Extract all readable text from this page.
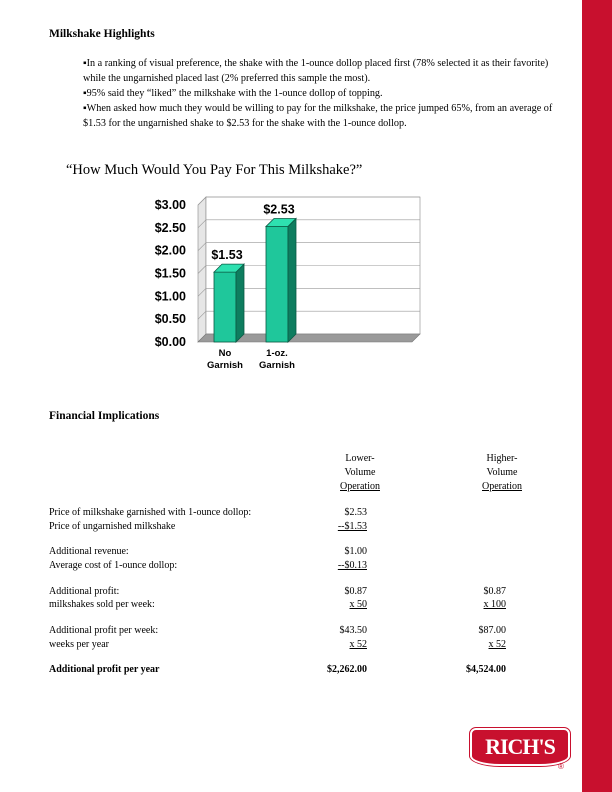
Milkshake Highlights
▪In a ranking of visual preference, the shake with the 1-ounce dollop placed first (78% selected it as their favorite) while the ungarnished placed last (2% preferred this sample the most).
▪95% said they “liked” the milkshake with the 1-ounce dollop of topping.
▪When asked how much they would be willing to pay for the milkshake, the price jumped 65%, from an average of $1.53 for the ungarnished shake to $2.53 for the shake with the 1-ounce dollop.

“How Much Would You Pay For This Milkshake?”

$3.00
$2.50
$2.00
$1.50
$1.00
$0.50
$0.00
$1.53
No
Garnish
$2.53
1-oz.
Garnish
Financial Implications
Lower-
Volume
Operation
Higher-
Volume
Operation
Price of milkshake garnished with 1-ounce dollop:	$2.53
Price of ungarnished milkshake	--$1.53
Additional revenue:	$1.00
Average cost of 1-ounce dollop:	--$0.13
Additional profit:	$0.87	$0.87
milkshakes sold per week:	x 50	x 100
Additional profit per week:	$43.50	$87.00
weeks per year	x 52	x 52
Additional profit per year	$2,262.00	$4,524.00
RICH'S
®
